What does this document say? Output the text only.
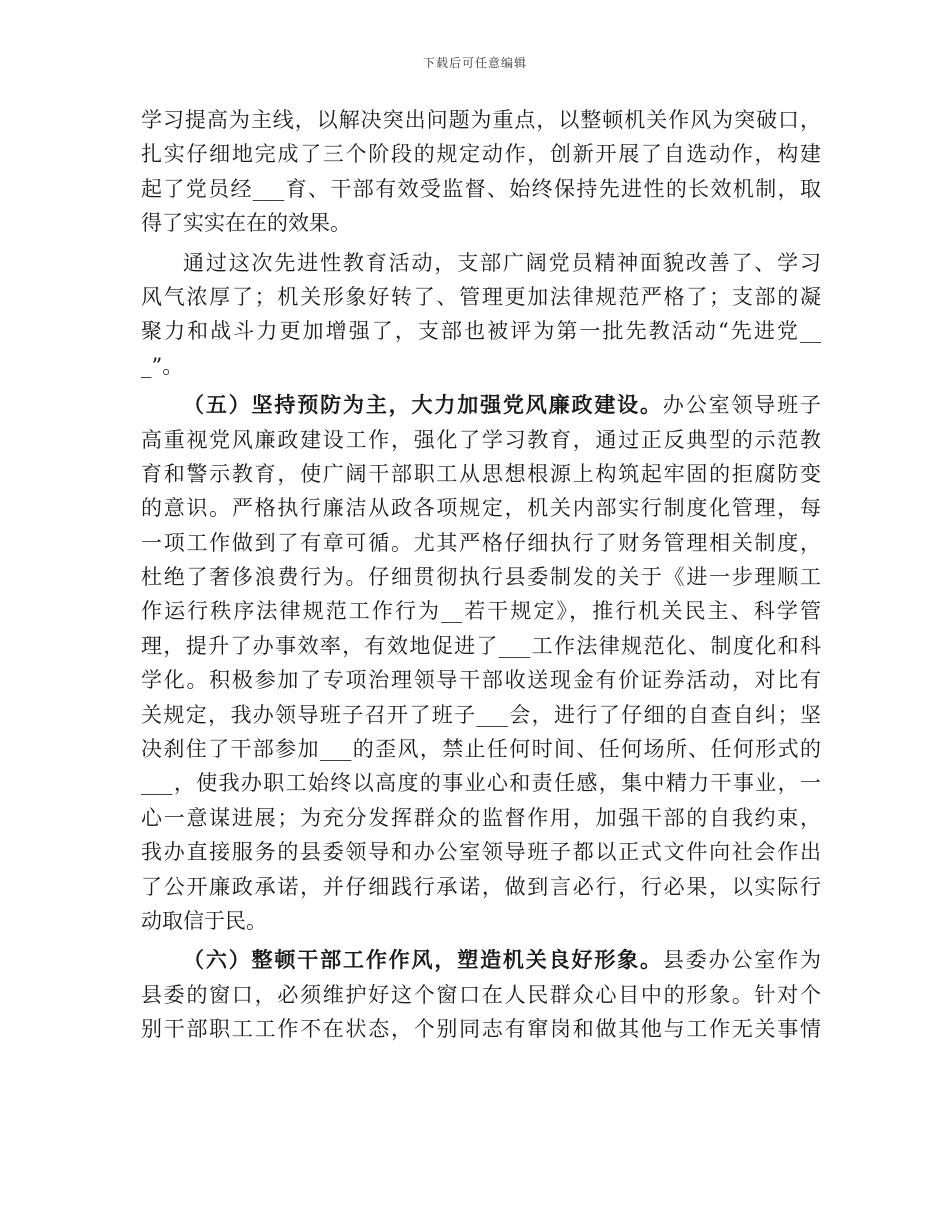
下载后可任意编辑
学习提高为主线，以解决突出问题为重点，以整顿机关作风为突破口，
扎实仔细地完成了三个阶段的规定动作，创新开展了自选动作，构建
起了党员经___育、干部有效受监督、始终保持先进性的长效机制，取
得了实实在在的效果。
通过这次先进性教育活动，支部广阔党员精神面貌改善了、学习
风气浓厚了；机关形象好转了、管理更加法律规范严格了；支部的凝
聚力和战斗力更加增强了，支部也被评为第一批先教活动“先进党__
_”。
（五）坚持预防为主，大力加强党风廉政建设。办公室领导班子
高重视党风廉政建设工作，强化了学习教育，通过正反典型的示范教
育和警示教育，使广阔干部职工从思想根源上构筑起牢固的拒腐防变
的意识。严格执行廉洁从政各项规定，机关内部实行制度化管理，每
一项工作做到了有章可循。尤其严格仔细执行了财务管理相关制度，
杜绝了奢侈浪费行为。仔细贯彻执行县委制发的关于《进一步理顺工
作运行秩序法律规范工作行为__若干规定》，推行机关民主、科学管
理，提升了办事效率，有效地促进了___工作法律规范化、制度化和科
学化。积极参加了专项治理领导干部收送现金有价证券活动，对比有
关规定，我办领导班子召开了班子___会，进行了仔细的自查自纠；坚
决刹住了干部参加___的歪风，禁止任何时间、任何场所、任何形式的
___，使我办职工始终以高度的事业心和责任感，集中精力干事业，一
心一意谋进展；为充分发挥群众的监督作用，加强干部的自我约束，
我办直接服务的县委领导和办公室领导班子都以正式文件向社会作出
了公开廉政承诺，并仔细践行承诺，做到言必行，行必果，以实际行
动取信于民。
（六）整顿干部工作作风，塑造机关良好形象。县委办公室作为
县委的窗口，必须维护好这个窗口在人民群众心目中的形象。针对个
别干部职工工作不在状态，个别同志有窜岗和做其他与工作无关事情
